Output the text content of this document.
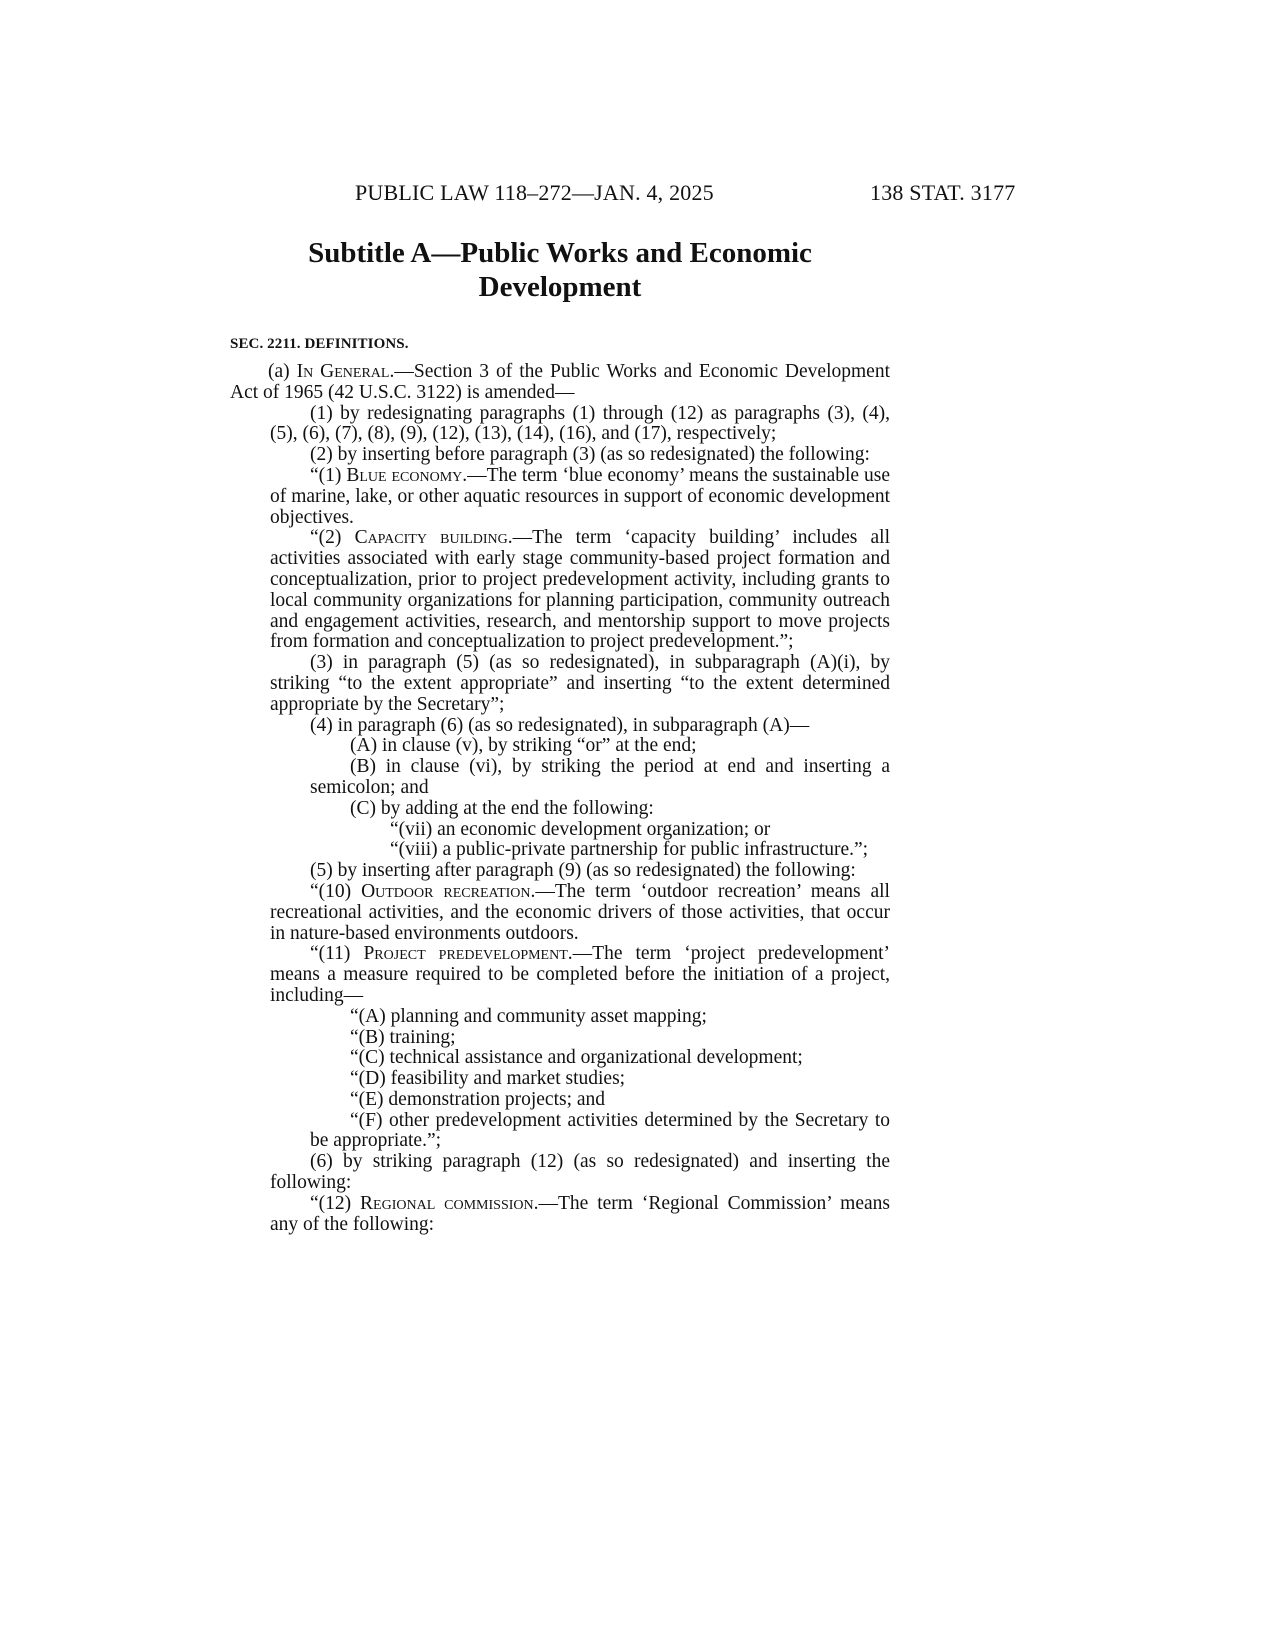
PUBLIC LAW 118–272—JAN. 4, 2025	138 STAT. 3177
Subtitle A—Public Works and Economic
Development
SEC. 2211. DEFINITIONS.

(a) In General.—Section 3 of the Public Works and Economic Development Act of 1965 (42 U.S.C. 3122) is amended—

(1) by redesignating paragraphs (1) through (12) as paragraphs (3), (4), (5), (6), (7), (8), (9), (12), (13), (14), (16), and (17), respectively;

(2) by inserting before paragraph (3) (as so redesignated) the following:

“(1) Blue economy.—The term ‘blue economy’ means the sustainable use of marine, lake, or other aquatic resources in support of economic development objectives.

“(2) Capacity building.—The term ‘capacity building’ includes all activities associated with early stage community-based project formation and conceptualization, prior to project predevelopment activity, including grants to local community organizations for planning participation, community outreach and engagement activities, research, and mentorship support to move projects from formation and conceptualization to project predevelopment.”;

(3) in paragraph (5) (as so redesignated), in subparagraph (A)(i), by striking “to the extent appropriate” and inserting “to the extent determined appropriate by the Secretary”;

(4) in paragraph (6) (as so redesignated), in subparagraph (A)—

(A) in clause (v), by striking “or” at the end;

(B) in clause (vi), by striking the period at end and inserting a semicolon; and

(C) by adding at the end the following:

“(vii) an economic development organization; or

“(viii) a public-private partnership for public infrastructure.”;

(5) by inserting after paragraph (9) (as so redesignated) the following:

“(10) Outdoor recreation.—The term ‘outdoor recreation’ means all recreational activities, and the economic drivers of those activities, that occur in nature-based environments outdoors.

“(11) Project predevelopment.—The term ‘project predevelopment’ means a measure required to be completed before the initiation of a project, including—

“(A) planning and community asset mapping;

“(B) training;

“(C) technical assistance and organizational development;

“(D) feasibility and market studies;

“(E) demonstration projects; and

“(F) other predevelopment activities determined by the Secretary to be appropriate.”;

(6) by striking paragraph (12) (as so redesignated) and inserting the following:

“(12) Regional commission.—The term ‘Regional Commission’ means any of the following:
